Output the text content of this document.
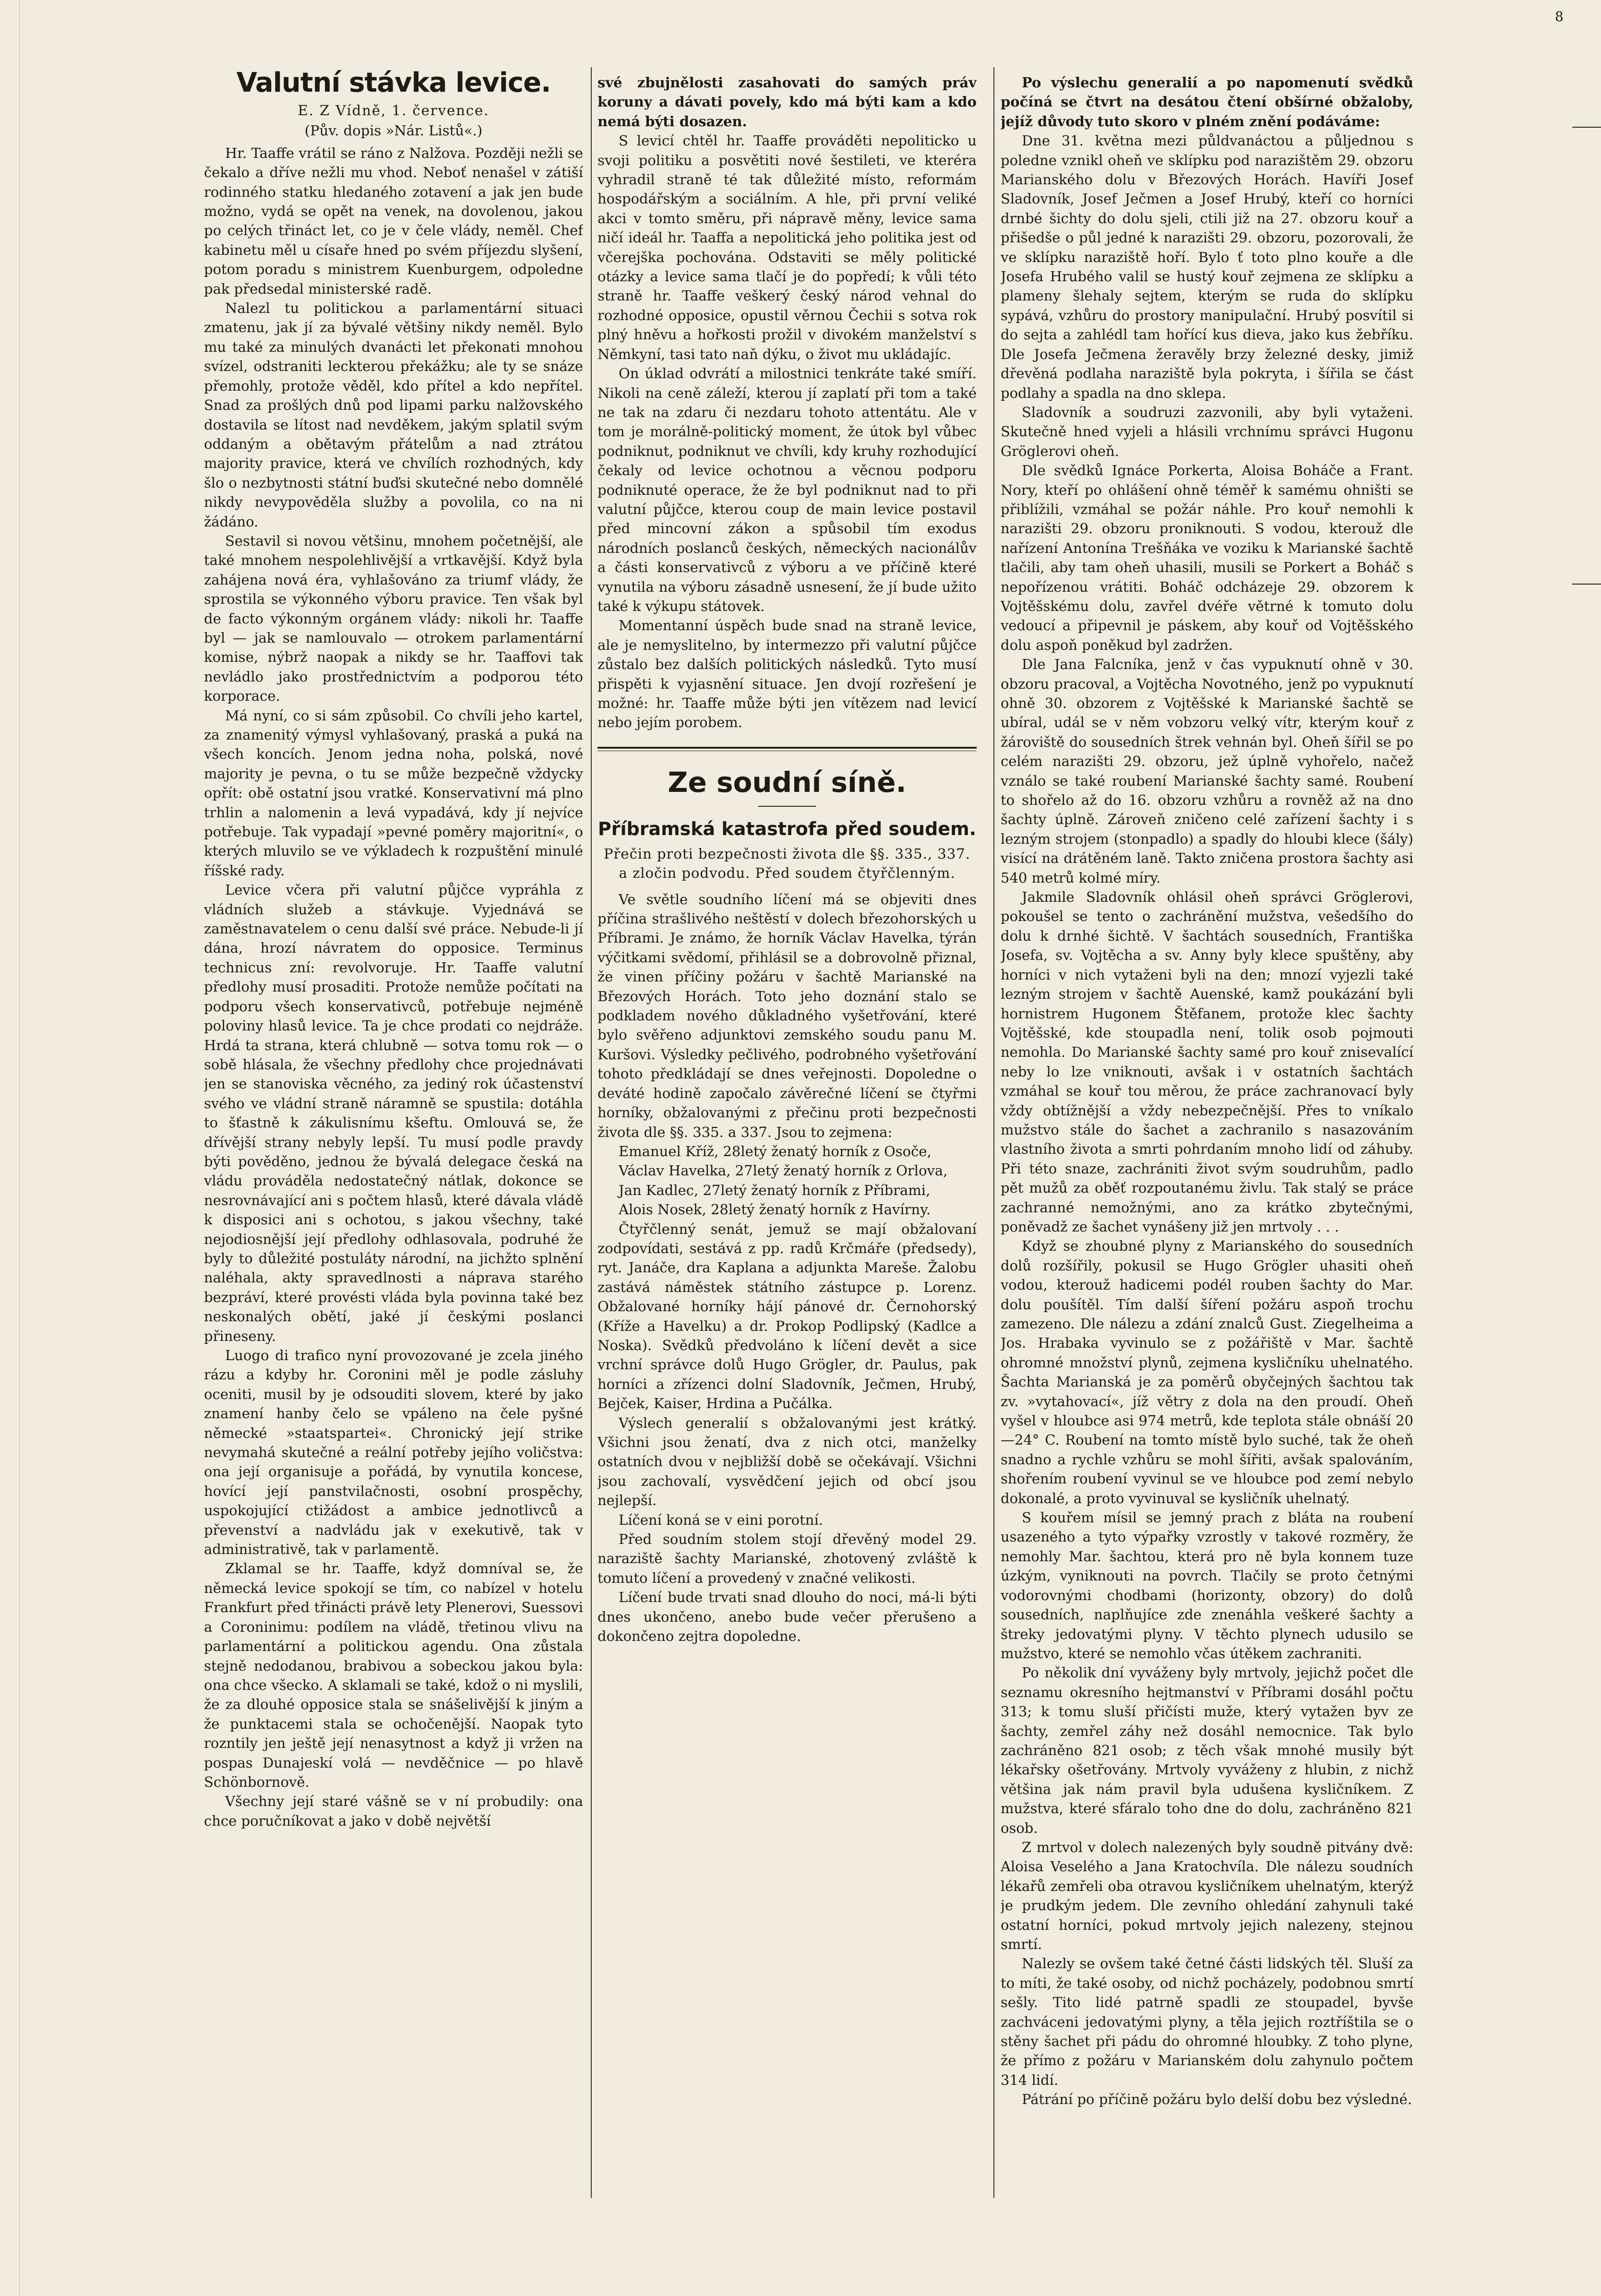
8
Valutní stávka levice.
E. Z Vídně, 1. července.
(Pův. dopis »Nár. Listů«.)

Hr. Taaffe vrátil se ráno z Nalžova. Později nežli se čekalo a dříve nežli mu vhod. Neboť nenašel v zátiší rodinného statku hledaného zotavení a jak jen bude možno, vydá se opět na venek, na dovolenou, jakou po celých třináct let, co je v čele vlády, neměl. Chef kabinetu měl u císaře hned po svém příjezdu slyšení, potom poradu s ministrem Kuenburgem, odpoledne pak předsedal ministerské radě.

Nalezl tu politickou a parlamentární situaci zmatenu, jak jí za bývalé většiny nikdy neměl. Bylo mu také za minulých dvanácti let překonati mnohou svízel, odstraniti leckterou překážku; ale ty se snáze přemohly, protože věděl, kdo přítel a kdo nepřítel. Snad za prošlých dnů pod lipami parku nalžovského dostavila se lítost nad nevděkem, jakým splatil svým oddaným a obětavým přátelům a nad ztrátou majority pravice, která ve chvílích rozhodných, kdy šlo o nezbytnosti státní buďsi skutečné nebo domnělé nikdy nevypověděla služby a povolila, co na ni žádáno.

Sestavil si novou většinu, mnohem početnější, ale také mnohem nespolehlivější a vrtkavější. Když byla zahájena nová éra, vyhlašováno za triumf vlády, že sprostila se výkonného výboru pravice. Ten však byl de facto výkonným orgánem vlády: nikoli hr. Taaffe byl — jak se namlouvalo — otrokem parlamentární komise, nýbrž naopak a nikdy se hr. Taaffovi tak nevládlo jako prostřednictvím a podporou této korporace.

Má nyní, co si sám způsobil. Co chvíli jeho kartel, za znamenitý výmysl vyhlašovaný, praská a puká na všech koncích. Jenom jedna noha, polská, nové majority je pevna, o tu se může bezpečně vždycky opřít: obě ostatní jsou vratké. Konservativní má plno trhlin a nalomenin a levá vypadává, kdy jí nejvíce potřebuje. Tak vypadají »pevné poměry majoritní«, o kterých mluvilo se ve výkladech k rozpuštění minulé říšské rady.

Levice včera při valutní půjčce vypráhla z vládních služeb a stávkuje. Vyjednává se zaměstnavatelem o cenu další své práce. Nebude-li jí dána, hrozí návratem do opposice. Terminus technicus zní: revolvoruje. Hr. Taaffe valutní předlohy musí prosaditi. Protože nemůže počítati na podporu všech konservativců, potřebuje nejméně poloviny hlasů levice. Ta je chce prodati co nejdráže. Hrdá ta strana, která chlubně — sotva tomu rok — o sobě hlásala, že všechny předlohy chce projednávati jen se stanoviska věcného, za jediný rok účastenství svého ve vládní straně náramně se spustila: dotáhla to šťastně k zákulisnímu kšeftu. Omlouvá se, že dřívější strany nebyly lepší. Tu musí podle pravdy býti pověděno, jednou že bývalá delegace česká na vládu prováděla nedostatečný nátlak, dokonce se nesrovnávající ani s počtem hlasů, které dávala vládě k disposici ani s ochotou, s jakou všechny, také nejodiosnější její předlohy odhlasovala, podruhé že byly to důležité postuláty národní, na jichžto splnění naléhala, akty spravedlnosti a náprava starého bezpráví, které provésti vláda byla povinna také bez neskonalých obětí, jaké jí českými poslanci přineseny.

Luogo di trafico nyní provozované je zcela jiného rázu a kdyby hr. Coronini měl je podle zásluhy oceniti, musil by je odsouditi slovem, které by jako znamení hanby čelo se vpáleno na čele pyšné německé »staatspartei«. Chronický její strike nevymahá skutečné a reální potřeby jejího voličstva: ona její organisuje a pořádá, by vynutila koncese, hovící její panstvilačnosti, osobní prospěchy, uspokojující ctižádost a ambice jednotlivců a převenství a nadvládu jak v exekutivě, tak v administrativě, tak v parlamentě.

Zklamal se hr. Taaffe, když domníval se, že německá levice spokojí se tím, co nabízel v hotelu Frankfurt před třinácti právě lety Plenerovi, Suessovi a Coroninimu: podílem na vládě, třetinou vlivu na parlamentární a politickou agendu. Ona zůstala stejně nedodanou, brabivou a sobeckou jakou byla: ona chce všecko. A sklamali se také, kdož o ni myslili, že za dlouhé opposice stala se snášelivější k jiným a že punktacemi stala se ochočenější. Naopak tyto rozntily jen ještě její nenasytnost a když ji vržen na pospas Dunajeskí volá — nevděčnice — po hlavě Schönbornově.

Všechny její staré vášně se v ní probudily: ona chce poručníkovat a jako v době největší

své zbujnělosti zasahovati do samých práv koruny a dávati povely, kdo má býti kam a kdo nemá býti dosazen.

S levicí chtěl hr. Taaffe prováděti nepoliticko u svoji politiku a posvětiti nové šestileti, ve kteréra vyhradil straně té tak důležité místo, reformám hospodářským a sociálním. A hle, při první veliké akci v tomto směru, při nápravě měny, levice sama ničí ideál hr. Taaffa a nepolitická jeho politika jest od včerejška pochována. Odstaviti se měly politické otázky a levice sama tlačí je do popředí; k vůli této straně hr. Taaffe veškerý český národ vehnal do rozhodné opposice, opustil věrnou Čechii s sotva rok plný hněvu a hořkosti prožil v divokém manželství s Němkyní, tasi tato naň dýku, o život mu ukládajíc.

On úklad odvrátí a milostnici tenkráte také smíří. Nikoli na ceně záleží, kterou jí zaplatí při tom a také ne tak na zdaru či nezdaru tohoto attentátu. Ale v tom je morálně-politický moment, že útok byl vůbec podniknut, podniknut ve chvíli, kdy kruhy rozhodující čekaly od levice ochotnou a věcnou podporu podniknuté operace, že že byl podniknut nad to při valutní půjčce, kterou coup de main levice postavil před mincovní zákon a spůsobil tím exodus národních poslanců českých, německých nacionálův a části konservativců z výboru a ve příčině které vynutila na výboru zásadně usnesení, že jí bude užito také k výkupu státovek.

Momentanní úspěch bude snad na straně levice, ale je nemyslitelno, by intermezzo při valutní půjčce zůstalo bez dalších politických následků. Tyto musí přispěti k vyjasnění situace. Jen dvojí rozřešení je možné: hr. Taaffe může býti jen vítězem nad levicí nebo jejím porobem.

Ze soudní síně.
Příbramská katastrofa před soudem.
Přečin proti bezpečnosti života dle §§. 335., 337. a zločin podvodu. Před soudem čtyřčlenným.

Ve světle soudního líčení má se objeviti dnes příčina strašlivého neštěstí v dolech březohorských u Příbrami. Je známo, že horník Václav Havelka, týrán výčitkami svědomí, přihlásil se a dobrovolně přiznal, že vinen příčiny požáru v šachtě Marianské na Březových Horách. Toto jeho doznání stalo se podkladem nového důkladného vyšetřování, které bylo svěřeno adjunktovi zemského soudu panu M. Kuršovi. Výsledky pečlivého, podrobného vyšetřování tohoto předkládají se dnes veřejnosti. Dopoledne o deváté hodině započalo závěrečné líčení se čtyřmi horníky, obžalovanými z přečinu proti bezpečnosti života dle §§. 335. a 337. Jsou to zejmena:

Emanuel Kříž, 28letý ženatý horník z Osoče,

Václav Havelka, 27letý ženatý horník z Orlova,

Jan Kadlec, 27letý ženatý horník z Příbrami,

Alois Nosek, 28letý ženatý horník z Havírny.

Čtyřčlenný senát, jemuž se mají obžalovaní zodpovídati, sestává z pp. radů Krčmáře (předsedy), ryt. Janáče, dra Kaplana a adjunkta Mareše. Žalobu zastává náměstek státního zástupce p. Lorenz. Obžalované horníky hájí pánové dr. Černohorský (Kříže a Havelku) a dr. Prokop Podlipský (Kadlce a Noska). Svědků předvoláno k líčení devět a sice vrchní správce dolů Hugo Grögler, dr. Paulus, pak horníci a zřízenci dolní Sladovník, Ječmen, Hrubý, Bejček, Kaiser, Hrdina a Pučálka.

Výslech generalií s obžalovanými jest krátký. Všichni jsou ženatí, dva z nich otci, manželky ostatních dvou v nejbližší době se očekávají. Všichni jsou zachovalí, vysvědčení jejich od obcí jsou nejlepší.

Líčení koná se v eini porotní.

Před soudním stolem stojí dřevěný model 29. naraziště šachty Marianské, zhotovený zvláště k tomuto líčení a provedený v značné velikosti.

Líčení bude trvati snad dlouho do noci, má-li býti dnes ukončeno, anebo bude večer přerušeno a dokončeno zejtra dopoledne.

Po výslechu generalií a po napomenutí svědků počíná se čtvrt na desátou čtení obšírné obžaloby, jejíž důvody tuto skoro v plném znění podáváme:

Dne 31. května mezi půldvanáctou a půljednou s poledne vznikl oheň ve sklípku pod narazištěm 29. obzoru Marianského dolu v Březových Horách. Havíři Josef Sladovník, Josef Ječmen a Josef Hrubý, kteří co horníci drnbé šichty do dolu sjeli, ctili již na 27. obzoru kouř a přišedše o půl jedné k narazišti 29. obzoru, pozorovali, že ve sklípku naraziště hoří. Bylo ť toto plno kouře a dle Josefa Hrubého valil se hustý kouř zejmena ze sklípku a plameny šlehaly sejtem, kterým se ruda do sklípku sypává, vzhůru do prostory manipulační. Hrubý posvítil si do sejta a zahlédl tam hořící kus dieva, jako kus žebříku. Dle Josefa Ječmena žeravěly brzy železné desky, jimiž dřevěná podlaha naraziště byla pokryta, i šířila se část podlahy a spadla na dno sklepa.

Sladovník a soudruzi zazvonili, aby byli vytaženi. Skutečně hned vyjeli a hlásili vrchnímu správci Hugonu Gröglerovi oheň.

Dle svědků Ignáce Porkerta, Aloisa Boháče a Frant. Nory, kteří po ohlášení ohně téměř k samému ohništi se přiblížili, vzmáhal se požár náhle. Pro kouř nemohli k narazišti 29. obzoru proniknouti. S vodou, kterouž dle nařízení Antonína Trešňáka ve voziku k Marianské šachtě tlačili, aby tam oheň uhasili, musili se Porkert a Boháč s nepořízenou vrátiti. Boháč odcházeje 29. obzorem k Vojtěšskému dolu, zavřel dvéře větrné k tomuto dolu vedoucí a připevnil je páskem, aby kouř od Vojtěšského dolu aspoň poněkud byl zadržen.

Dle Jana Falcníka, jenž v čas vypuknutí ohně v 30. obzoru pracoval, a Vojtěcha Novotného, jenž po vypuknutí ohně 30. obzorem z Vojtěšské k Marianské šachtě se ubíral, udál se v něm vobzoru velký vítr, kterým kouř z žároviště do sousedních štrek vehnán byl. Oheň šířil se po celém narazišti 29. obzoru, jež úplně vyhořelo, načež vználo se také roubení Marianské šachty samé. Roubení to shořelo až do 16. obzoru vzhůru a rovněž až na dno šachty úplně. Zároveň zničeno celé zařízení šachty i s lezným strojem (stonpadlo) a spadly do hloubi klece (šály) visící na drátěném laně. Takto zničena prostora šachty asi 540 metrů kolmé míry.

Jakmile Sladovník ohlásil oheň správci Gröglerovi, pokoušel se tento o zachránění mužstva, vešedšího do dolu k drnhé šichtě. V šachtách sousedních, Františka Josefa, sv. Vojtěcha a sv. Anny byly klece spuštěny, aby horníci v nich vytaženi byli na den; mnozí vyjezli také lezným strojem v šachtě Auenské, kamž poukázání byli hornistrem Hugonem Štěfanem, protože klec šachty Vojtěšské, kde stoupadla není, tolik osob pojmouti nemohla. Do Marianské šachty samé pro kouř znisevalící neby lo lze vniknouti, avšak i v ostatních šachtách vzmáhal se kouř tou měrou, že práce zachranovací byly vždy obtížnější a vždy nebezpečnější. Přes to vníkalo mužstvo stále do šachet a zachranilo s nasazováním vlastního života a smrti pohrdaním mnoho lidí od záhuby. Při této snaze, zachrániti život svým soudruhům, padlo pět mužů za oběť rozpoutanému živlu. Tak stalý se práce zachranné nemožnými, ano za krátko zbytečnými, poněvadž ze šachet vynášeny již jen mrtvoly . . .

Když se zhoubné plyny z Marianského do sousedních dolů rozšířily, pokusil se Hugo Grögler uhasiti oheň vodou, kterouž hadicemi podél rouben šachty do Mar. dolu poušítěl. Tím další šíření požáru aspoň trochu zamezeno. Dle nálezu a zdání znalců Gust. Ziegelheima a Jos. Hrabaka vyvinulo se z požářiště v Mar. šachtě ohromné množství plynů, zejmena kysličníku uhelnatého. Šachta Marianská je za poměrů obyčejných šachtou tak zv. »vytahovací«, jíž větry z dola na den proudí. Oheň vyšel v hloubce asi 974 metrů, kde teplota stále obnáší 20—24° C. Roubení na tomto místě bylo suché, tak že oheň snadno a rychle vzhůru se mohl šířiti, avšak spalováním, shořením roubení vyvinul se ve hloubce pod zemí nebylo dokonalé, a proto vyvinuval se kysličník uhelnatý.

S kouřem mísil se jemný prach z bláta na roubení usazeného a tyto výpařky vzrostly v takové rozměry, že nemohly Mar. šachtou, která pro ně byla konnem tuze úzkým, vyniknouti na povrch. Tlačily se proto četnými vodorovnými chodbami (horizonty, obzory) do dolů sousedních, naplňujíce zde znenáhla veškeré šachty a štreky jedovatými plyny. V těchto plynech udusilo se mužstvo, které se nemohlo včas útěkem zachraniti.

Po několik dní vyváženy byly mrtvoly, jejichž počet dle seznamu okresního hejtmanství v Příbrami dosáhl počtu 313; k tomu sluší přičísti muže, který vytažen byv ze šachty, zemřel záhy než dosáhl nemocnice. Tak bylo zachráněno 821 osob; z těch však mnohé musily být lékařsky ošetřovány. Mrtvoly vyváženy z hlubin, z nichž většina jak nám pravil byla udušena kysličníkem. Z mužstva, které sfáralo toho dne do dolu, zachráněno 821 osob.

Z mrtvol v dolech nalezených byly soudně pitvány dvě: Aloisa Veselého a Jana Kratochvíla. Dle nálezu soudních lékařů zemřeli oba otravou kysličníkem uhelnatým, kterýž je prudkým jedem. Dle zevního ohledání zahynuli také ostatní horníci, pokud mrtvoly jejich nalezeny, stejnou smrtí.

Nalezly se ovšem také četné části lidských těl. Sluší za to míti, že také osoby, od nichž pocházely, podobnou smrtí sešly. Tito lidé patrně spadli ze stoupadel, byvše zachváceni jedovatými plyny, a těla jejich roztříštila se o stěny šachet při pádu do ohromné hloubky. Z toho plyne, že přímo z požáru v Marianském dolu zahynulo počtem 314 lidí.

Pátrání po příčině požáru bylo delší dobu bez výsledné.
